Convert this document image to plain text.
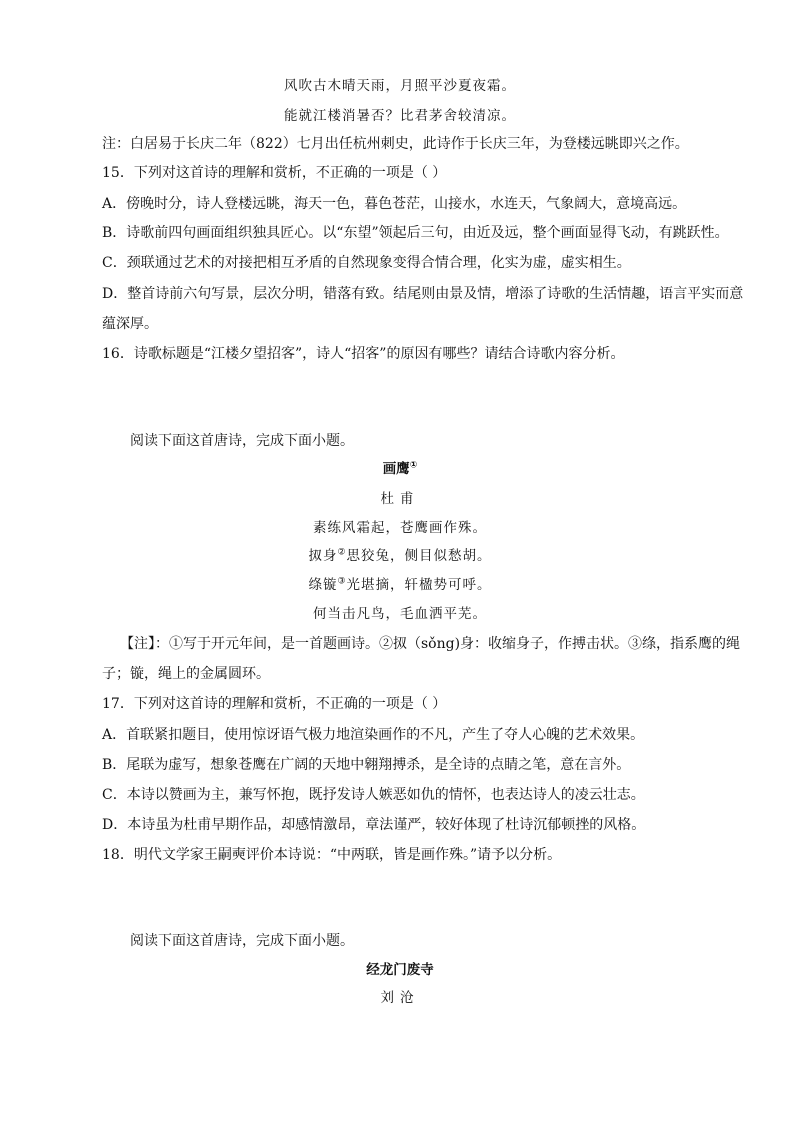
风吹古木晴天雨，月照平沙夏夜霜。
能就江楼消暑否？比君茅舍较清凉。
注：白居易于长庆二年（822）七月出任杭州刺史，此诗作于长庆三年，为登楼远眺即兴之作。
15．下列对这首诗的理解和赏析，不正确的一项是（ ）
A．傍晚时分，诗人登楼远眺，海天一色，暮色苍茫，山接水，水连天，气象阔大，意境高远。
B．诗歌前四句画面组织独具匠心。以“东望”领起后三句，由近及远，整个画面显得飞动，有跳跃性。
C．颈联通过艺术的对接把相互矛盾的自然现象变得合情合理，化实为虚，虚实相生。
D．整首诗前六句写景，层次分明，错落有致。结尾则由景及情，增添了诗歌的生活情趣，语言平实而意
蕴深厚。
16．诗歌标题是“江楼夕望招客”，诗人“招客”的原因有哪些？请结合诗歌内容分析。
阅读下面这首唐诗，完成下面小题。
画鹰①
杜甫
素练风霜起，苍鹰画作殊。
㧐身②思狡兔，侧目似愁胡。
绦镟③光堪摘，轩楹势可呼。
何当击凡鸟，毛血洒平芜。
【注】：①写于开元年间，是一首题画诗。②㧐（sǒng)身：收缩身子，作搏击状。③绦，指系鹰的绳
子；镟，绳上的金属圆环。
17．下列对这首诗的理解和赏析，不正确的一项是（ ）
A．首联紧扣题目，使用惊讶语气极力地渲染画作的不凡，产生了夺人心魄的艺术效果。
B．尾联为虚写，想象苍鹰在广阔的天地中翱翔搏杀，是全诗的点睛之笔，意在言外。
C．本诗以赞画为主，兼写怀抱，既抒发诗人嫉恶如仇的情怀，也表达诗人的凌云壮志。
D．本诗虽为杜甫早期作品，却感情激昂，章法谨严，较好体现了杜诗沉郁顿挫的风格。
18．明代文学家王嗣奭评价本诗说：“中两联，皆是画作殊。”请予以分析。
阅读下面这首唐诗，完成下面小题。
经龙门废寺
刘沧
